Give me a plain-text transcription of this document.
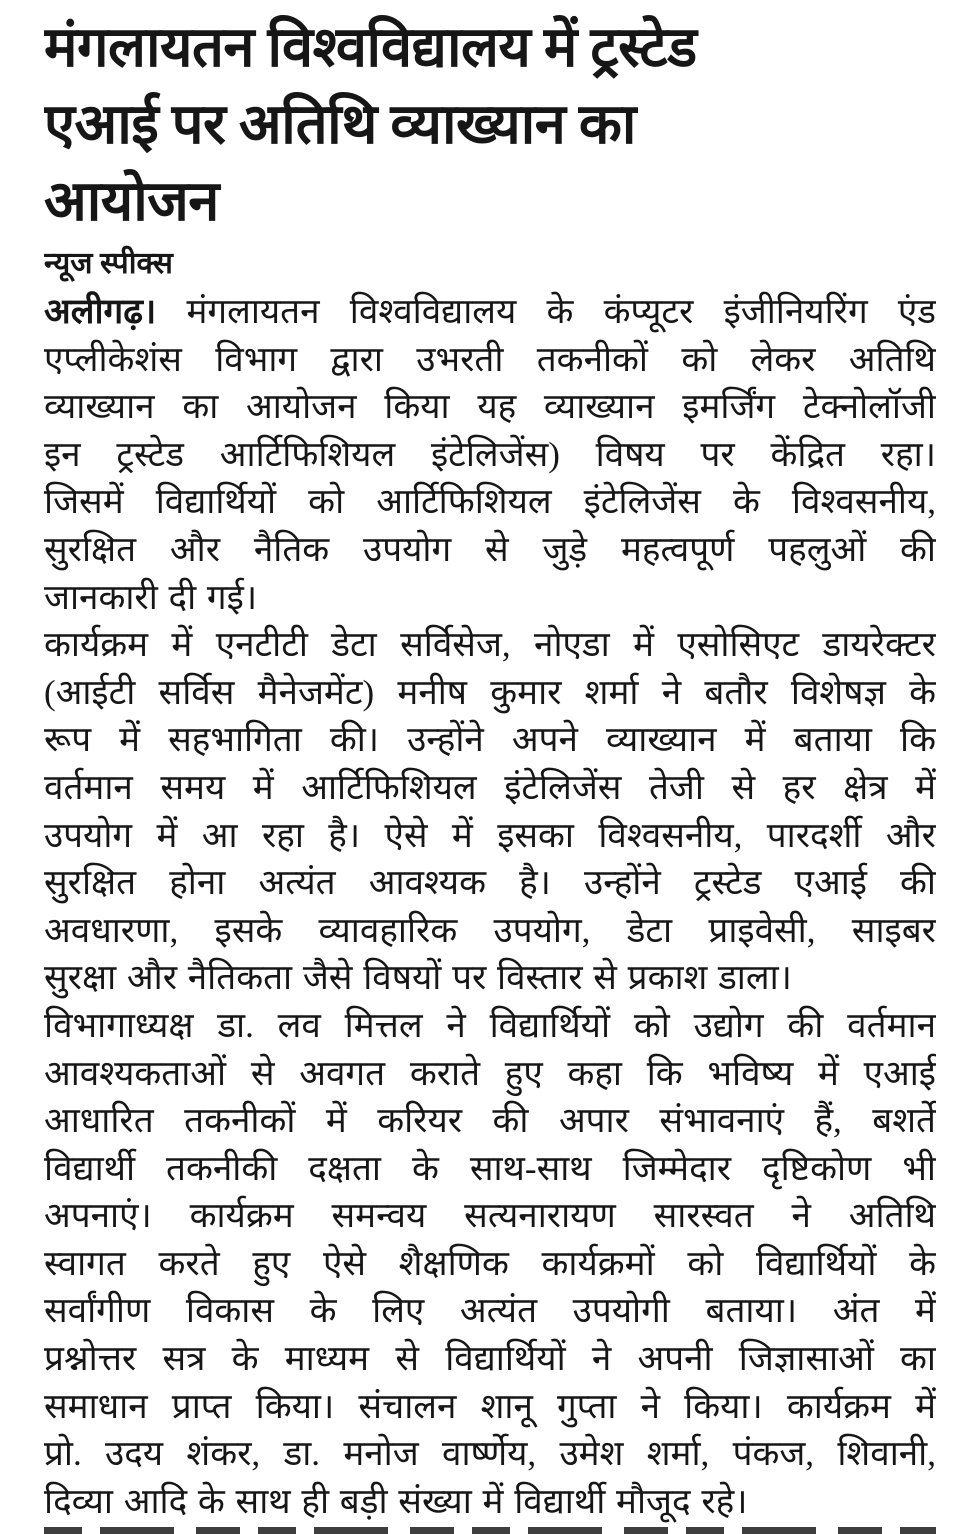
मंगलायतन विश्वविद्यालय में ट्रस्टेड
एआई पर अतिथि व्याख्यान का
आयोजन
न्यूज स्पीक्स
अलीगढ़। मंगलायतन विश्वविद्यालय के कंप्यूटर इंजीनियरिंग एंड
एप्लीकेशंस विभाग द्वारा उभरती तकनीकों को लेकर अतिथि
व्याख्यान का आयोजन किया यह व्याख्यान इमर्जिंग टेक्नोलॉजी
इन ट्रस्टेड आर्टिफिशियल इंटेलिजेंस) विषय पर केंद्रित रहा।
जिसमें विद्यार्थियों को आर्टिफिशियल इंटेलिजेंस के विश्वसनीय,
सुरक्षित और नैतिक उपयोग से जुड़े महत्वपूर्ण पहलुओं की
जानकारी दी गई।
कार्यक्रम में एनटीटी डेटा सर्विसेज, नोएडा में एसोसिएट डायरेक्टर
(आईटी सर्विस मैनेजमेंट) मनीष कुमार शर्मा ने बतौर विशेषज्ञ के
रूप में सहभागिता की। उन्होंने अपने व्याख्यान में बताया कि
वर्तमान समय में आर्टिफिशियल इंटेलिजेंस तेजी से हर क्षेत्र में
उपयोग में आ रहा है। ऐसे में इसका विश्वसनीय, पारदर्शी और
सुरक्षित होना अत्यंत आवश्यक है। उन्होंने ट्रस्टेड एआई की
अवधारणा, इसके व्यावहारिक उपयोग, डेटा प्राइवेसी, साइबर
सुरक्षा और नैतिकता जैसे विषयों पर विस्तार से प्रकाश डाला।
विभागाध्यक्ष डा. लव मित्तल ने विद्यार्थियों को उद्योग की वर्तमान
आवश्यकताओं से अवगत कराते हुए कहा कि भविष्य में एआई
आधारित तकनीकों में करियर की अपार संभावनाएं हैं, बशर्ते
विद्यार्थी तकनीकी दक्षता के साथ-साथ जिम्मेदार दृष्टिकोण भी
अपनाएं। कार्यक्रम समन्वय सत्यनारायण सारस्वत ने अतिथि
स्वागत करते हुए ऐसे शैक्षणिक कार्यक्रमों को विद्यार्थियों के
सर्वांगीण विकास के लिए अत्यंत उपयोगी बताया। अंत में
प्रश्नोत्तर सत्र के माध्यम से विद्यार्थियों ने अपनी जिज्ञासाओं का
समाधान प्राप्त किया। संचालन शानू गुप्ता ने किया। कार्यक्रम में
प्रो. उदय शंकर, डा. मनोज वार्ष्णेय, उमेश शर्मा, पंकज, शिवानी,
दिव्या आदि के साथ ही बड़ी संख्या में विद्यार्थी मौजूद रहे।
